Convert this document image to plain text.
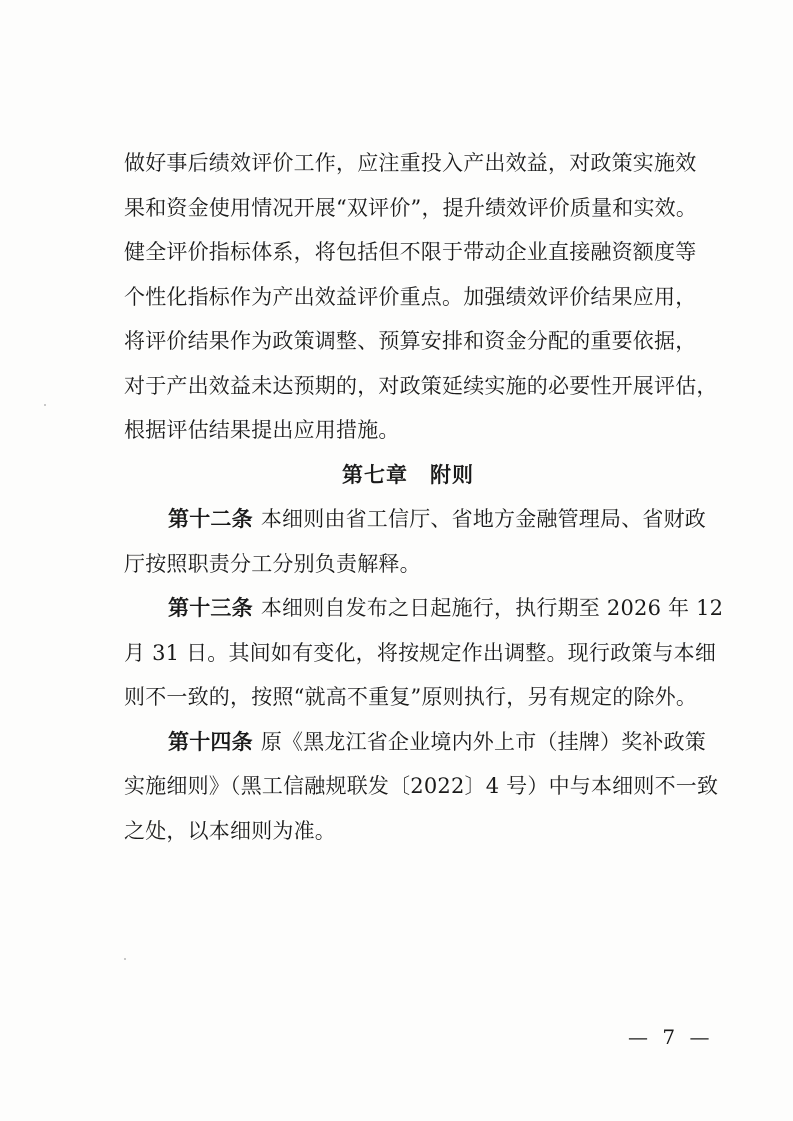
做好事后绩效评价工作，应注重投入产出效益，对政策实施效
果和资金使用情况开展“双评价”，提升绩效评价质量和实效。
健全评价指标体系，将包括但不限于带动企业直接融资额度等
个性化指标作为产出效益评价重点。加强绩效评价结果应用，
将评价结果作为政策调整、预算安排和资金分配的重要依据，
对于产出效益未达预期的，对政策延续实施的必要性开展评估，
根据评估结果提出应用措施。
第七章 附则
第十二条 本细则由省工信厅、省地方金融管理局、省财政
厅按照职责分工分别负责解释。
第十三条 本细则自发布之日起施行，执行期至 2026 年 12
月 31 日。其间如有变化，将按规定作出调整。现行政策与本细
则不一致的，按照“就高不重复”原则执行，另有规定的除外。
第十四条 原《黑龙江省企业境内外上市（挂牌）奖补政策
实施细则》（黑工信融规联发〔2022〕4 号）中与本细则不一致
之处，以本细则为准。
— 7 —
